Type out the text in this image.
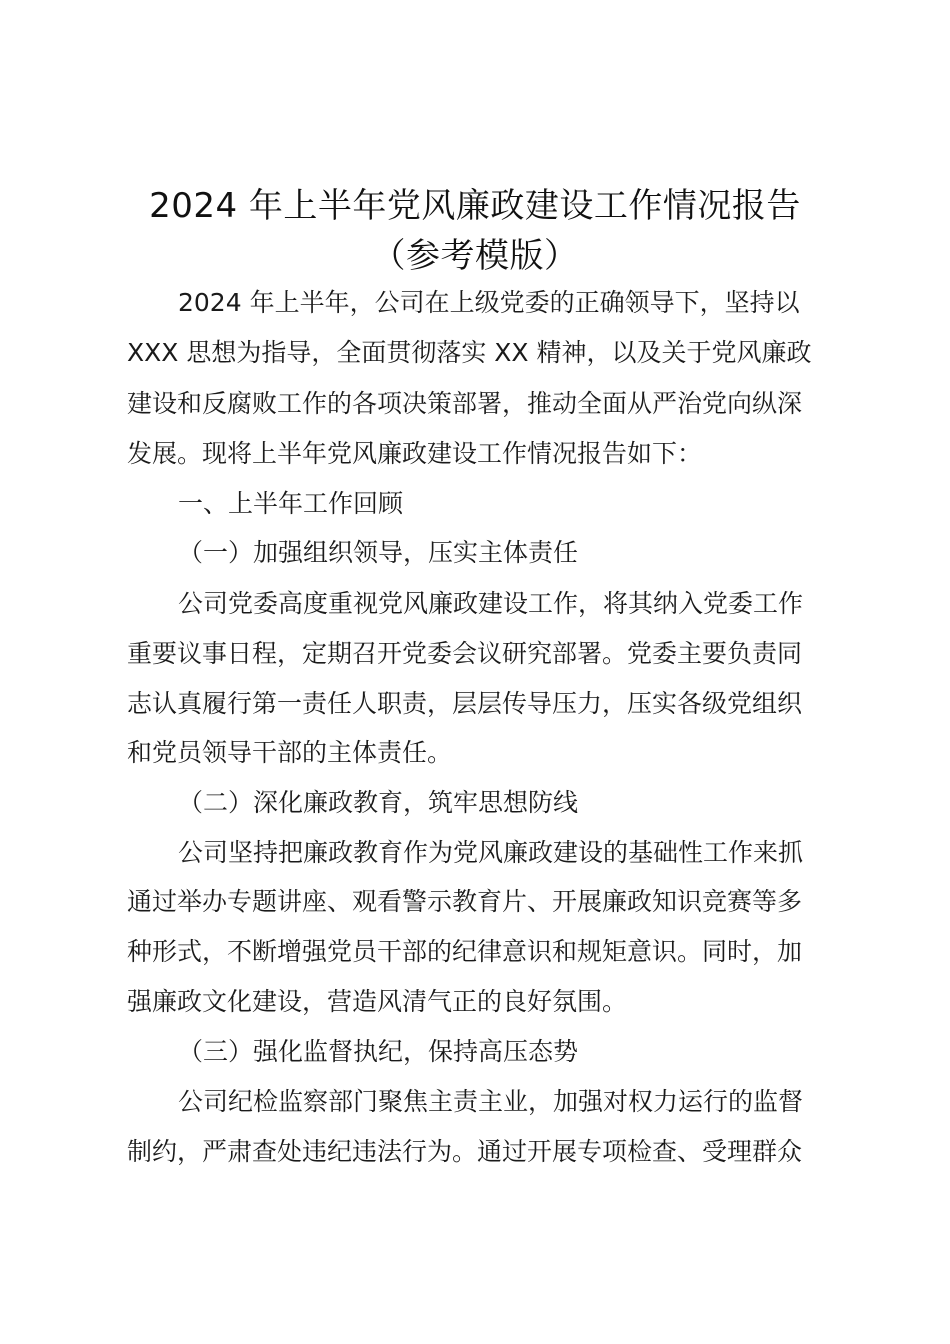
2024 年上半年党风廉政建设工作情况报告
（参考模版）
2024 年上半年，公司在上级党委的正确领导下，坚持以
XXX 思想为指导，全面贯彻落实 XX 精神，以及关于党风廉政
建设和反腐败工作的各项决策部署，推动全面从严治党向纵深
发展。现将上半年党风廉政建设工作情况报告如下：
一、上半年工作回顾
（一）加强组织领导，压实主体责任
公司党委高度重视党风廉政建设工作，将其纳入党委工作
重要议事日程，定期召开党委会议研究部署。党委主要负责同
志认真履行第一责任人职责，层层传导压力，压实各级党组织
和党员领导干部的主体责任。
（二）深化廉政教育，筑牢思想防线
公司坚持把廉政教育作为党风廉政建设的基础性工作来抓
通过举办专题讲座、观看警示教育片、开展廉政知识竞赛等多
种形式，不断增强党员干部的纪律意识和规矩意识。同时，加
强廉政文化建设，营造风清气正的良好氛围。
（三）强化监督执纪，保持高压态势
公司纪检监察部门聚焦主责主业，加强对权力运行的监督
制约，严肃查处违纪违法行为。通过开展专项检查、受理群众
